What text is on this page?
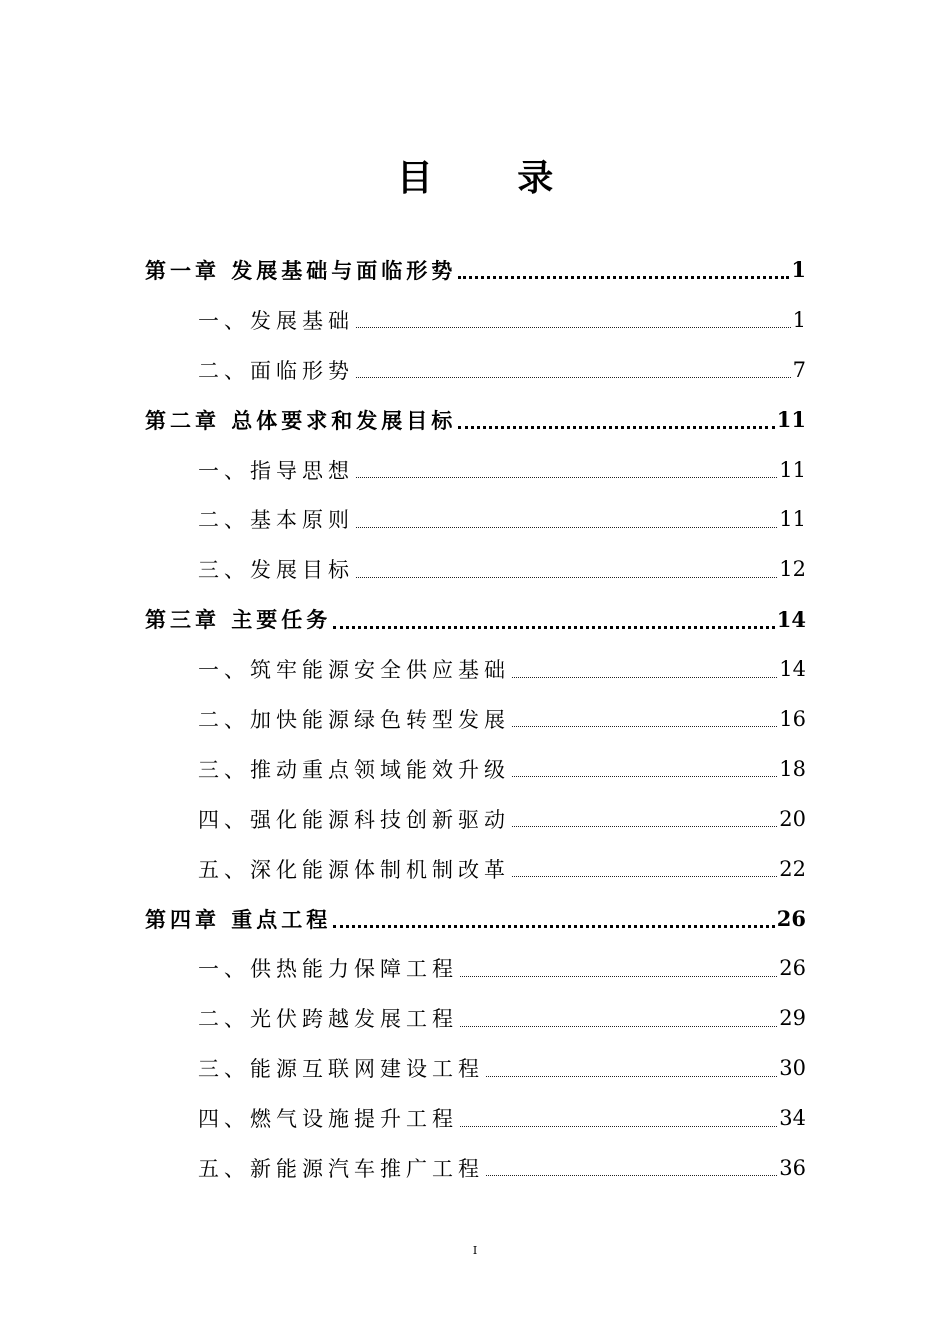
目 录
第一章 发展基础与面临形势	1
一、发展基础	1
二、面临形势	7
第二章 总体要求和发展目标	11
一、指导思想	11
二、基本原则	11
三、发展目标	12
第三章 主要任务	14
一、筑牢能源安全供应基础	14
二、加快能源绿色转型发展	16
三、推动重点领域能效升级	18
四、强化能源科技创新驱动	20
五、深化能源体制机制改革	22
第四章 重点工程	26
一、供热能力保障工程	26
二、光伏跨越发展工程	29
三、能源互联网建设工程	30
四、燃气设施提升工程	34
五、新能源汽车推广工程	36
I
